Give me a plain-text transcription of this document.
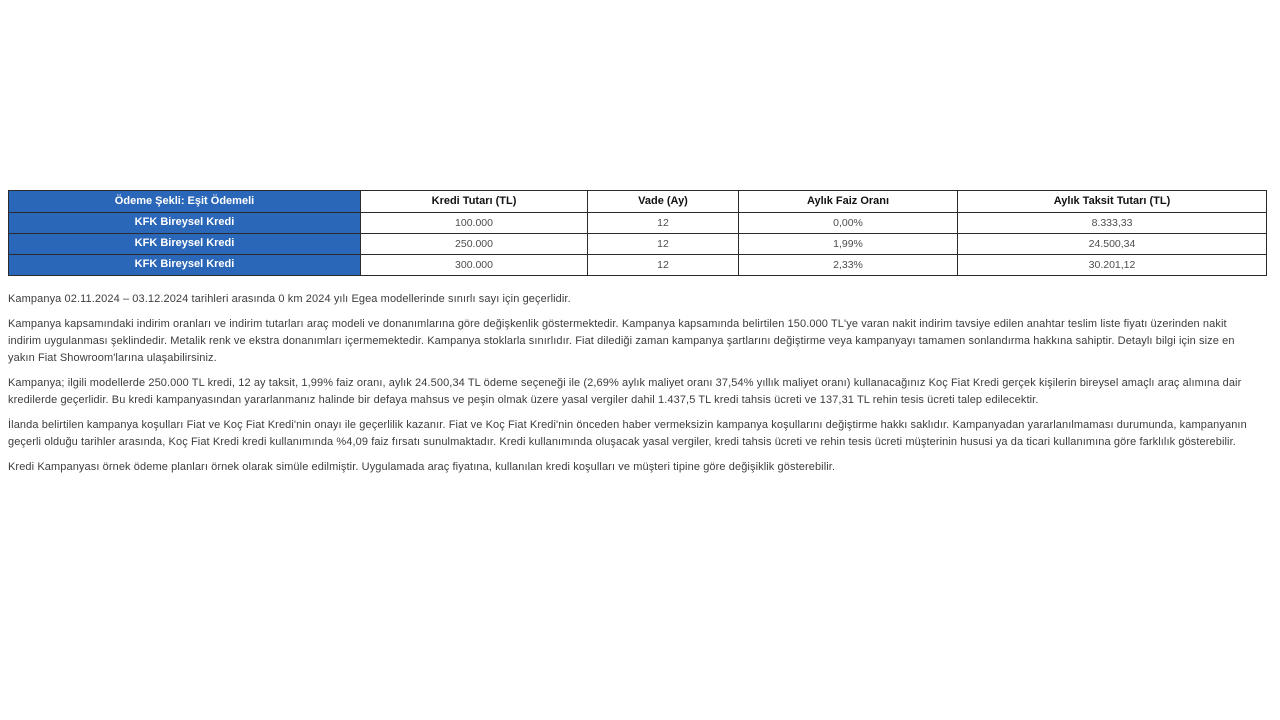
Ödeme Şekli: Eşit Ödemeli	Kredi Tutarı (TL)	Vade (Ay)	Aylık Faiz Oranı	Aylık Taksit Tutarı (TL)
KFK Bireysel Kredi	100.000	12	0,00%	8.333,33
KFK Bireysel Kredi	250.000	12	1,99%	24.500,34
KFK Bireysel Kredi	300.000	12	2,33%	30.201,12

Kampanya 02.11.2024 – 03.12.2024 tarihleri arasında 0 km 2024 yılı Egea modellerinde sınırlı sayı için geçerlidir.

Kampanya kapsamındaki indirim oranları ve indirim tutarları araç modeli ve donanımlarına göre değişkenlik göstermektedir. Kampanya kapsamında belirtilen 150.000 TL'ye varan nakit indirim tavsiye edilen anahtar teslim liste fiyatı üzerinden nakit indirim uygulanması şeklindedir. Metalik renk ve ekstra donanımları içermemektedir. Kampanya stoklarla sınırlıdır. Fiat dilediği zaman kampanya şartlarını değiştirme veya kampanyayı tamamen sonlandırma hakkına sahiptir. Detaylı bilgi için size en yakın Fiat Showroom'larına ulaşabilirsiniz.

Kampanya; ilgili modellerde 250.000 TL kredi, 12 ay taksit, 1,99% faiz oranı, aylık 24.500,34 TL ödeme seçeneği ile (2,69% aylık maliyet oranı 37,54% yıllık maliyet oranı) kullanacağınız Koç Fiat Kredi gerçek kişilerin bireysel amaçlı araç alımına dair kredilerde geçerlidir. Bu kredi kampanyasından yararlanmanız halinde bir defaya mahsus ve peşin olmak üzere yasal vergiler dahil 1.437,5 TL kredi tahsis ücreti ve 137,31 TL rehin tesis ücreti talep edilecektir.

İlanda belirtilen kampanya koşulları Fiat ve Koç Fiat Kredi'nin onayı ile geçerlilik kazanır. Fiat ve Koç Fiat Kredi'nin önceden haber vermeksizin kampanya koşullarını değiştirme hakkı saklıdır. Kampanyadan yararlanılmaması durumunda, kampanyanın geçerli olduğu tarihler arasında, Koç Fiat Kredi kredi kullanımında %4,09 faiz fırsatı sunulmaktadır. Kredi kullanımında oluşacak yasal vergiler, kredi tahsis ücreti ve rehin tesis ücreti müşterinin hususi ya da ticari kullanımına göre farklılık gösterebilir.

Kredi Kampanyası örnek ödeme planları örnek olarak simüle edilmiştir. Uygulamada araç fiyatına, kullanılan kredi koşulları ve müşteri tipine göre değişiklik gösterebilir.
